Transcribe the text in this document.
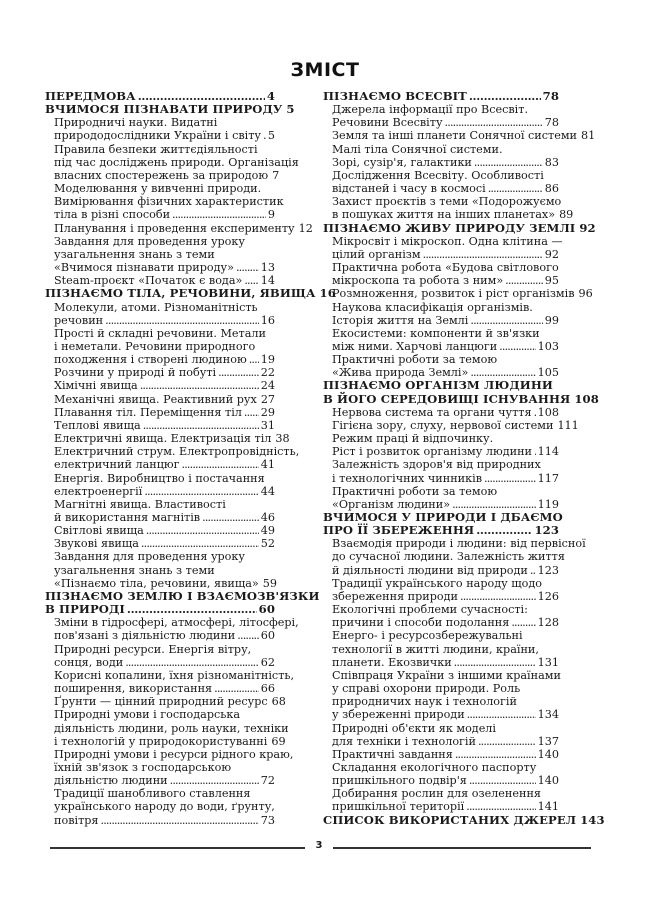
ЗМІСТ
ПЕРЕДМОВА . . .	4
ВЧИМОСЯ ПІЗНАВАТИ ПРИРОДУ 5
Природничі науки. Видатні
природодослідники України і світу . . . 5
Правила безпеки життєдіяльності
під час досліджень природи. Організація
власних спостережень за природою 7
Моделювання у вивченні природи.
Вимірювання фізичних характеристик
тіла в різні способи . . .	9
Планування і проведення експерименту 12
Завдання для проведення уроку
узагальнення знань з теми
«Вчимося пізнавати природу» . . . 13
Steam-проєкт «Початок є вода» . . . 14
ПІЗНАЄМО ТІЛА, РЕЧОВИНИ, ЯВИЩА 16
Молекули, атоми. Різноманітність
речовин . . .	16
Прості й складні речовини. Метали
і неметали. Речовини природного
походження і створені людиною . . . 19
Розчини у природі й побуті . . .	22
Хімічні явища . . .	24
Механічні явища. Реактивний рух 27
Плавання тіл. Переміщення тіл . . . 29
Теплові явища . . .	31
Електричні явища. Електризація тіл 38
Електричний струм. Електропровідність,
електричний ланцюг . . .	41
Енергія. Виробництво і постачання
електроенергії . . .	44
Магнітні явища. Властивості
й використання магнітів . . .	46
Світлові явища . . .	49
Звукові явища . . .	52
Завдання для проведення уроку
узагальнення знань з теми
«Пізнаємо тіла, речовини, явища» 59
ПІЗНАЄМО ЗЕМЛЮ І ВЗАЄМОЗВ'ЯЗКИ
В ПРИРОДІ . . .	60
Зміни в гідросфері, атмосфері, літосфері,
пов'язані з діяльністю людини . . . 60
Природні ресурси. Енергія вітру,
сонця, води . . .	62
Корисні копалини, їхня різноманітність,
поширення, використання . . .	66
Ґрунти — цінний природний ресурс 68
Природні умови і господарська
діяльність людини, роль науки, техніки
і технологій у природокористуванні 69
Природні умови і ресурси рідного краю,
їхній зв'язок з господарською
діяльністю людини . . .	72
Традиції шанобливого ставлення
українського народу до води, ґрунту,
повітря . . .	73
ПІЗНАЄМО ВСЕСВІТ . . .	78
Джерела інформації про Всесвіт.
Речовини Всесвіту . . .	78
Земля та інші планети Сонячної системи 81
Малі тіла Сонячної системи.
Зорі, сузір'я, галактики . . .	83
Дослідження Всесвіту. Особливості
відстаней і часу в космосі . . .	86
Захист проєктів з теми «Подорожуємо
в пошуках життя на інших планетах» 89
ПІЗНАЄМО ЖИВУ ПРИРОДУ ЗЕМЛІ 92
Мікросвіт і мікроскоп. Одна клітина —
цілий організм . . .	92
Практична робота «Будова світлового
мікроскопа та робота з ним» . . .	95
Розмноження, розвиток і ріст організмів 96
Наукова класифікація організмів.
Історія життя на Землі . . .	99
Екосистеми: компоненти й зв'язки
між ними. Харчові ланцюги . . .	103
Практичні роботи за темою
«Жива природа Землі» . . .	105
ПІЗНАЄМО ОРГАНІЗМ ЛЮДИНИ
В ЙОГО СЕРЕДОВИЩІ ІСНУВАННЯ 108
Нервова система та органи чуття . . . 108
Гігієна зору, слуху, нервової системи 111
Режим праці й відпочинку.
Ріст і розвиток організму людини . . . 114
Залежність здоров'я від природних
і технологічних чинників . . .	117
Практичні роботи за темою
«Організм людини» . . .	119
ВЧИМОСЯ У ПРИРОДИ І ДБАЄМО
ПРО ЇЇ ЗБЕРЕЖЕННЯ . . .	123
Взаємодія природи і людини: від первісної
до сучасної людини. Залежність життя
й діяльності людини від природи . . . 123
Традиції українського народу щодо
збереження природи . . .	126
Екологічні проблеми сучасності:
причини і способи подолання . . .	128
Енерго- і ресурсозбережувальні
технології в житті людини, країни,
планети. Екозвички . . .	131
Співпраця України з іншими країнами
у справі охорони природи. Роль
природничих наук і технологій
у збереженні природи . . .	134
Природні об'єкти як моделі
для техніки і технологій . . .	137
Практичні завдання . . .	140
Складання екологічного паспорту
пришкільного подвір'я . . .	140
Добирання рослин для озеленення
пришкільної території . . .	141
СПИСОК ВИКОРИСТАНИХ ДЖЕРЕЛ 143
3
